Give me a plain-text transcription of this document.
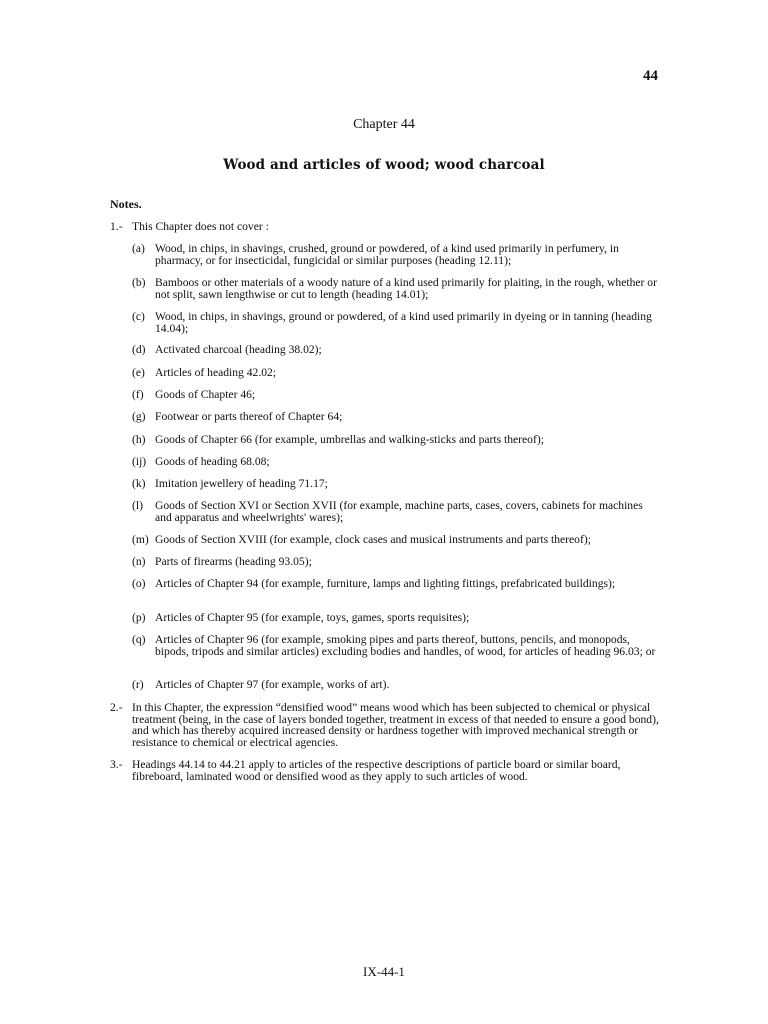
44
Chapter 44
Wood and articles of wood; wood charcoal
Notes.
1.- This Chapter does not cover :
(a) Wood, in chips, in shavings, crushed, ground or powdered, of a kind used primarily in perfumery, in pharmacy, or for insecticidal, fungicidal or similar purposes (heading 12.11);
(b) Bamboos or other materials of a woody nature of a kind used primarily for plaiting, in the rough, whether or not split, sawn lengthwise or cut to length (heading 14.01);
(c) Wood, in chips, in shavings, ground or powdered, of a kind used primarily in dyeing or in tanning (heading 14.04);
(d) Activated charcoal (heading 38.02);
(e) Articles of heading 42.02;
(f) Goods of Chapter 46;
(g) Footwear or parts thereof of Chapter 64;
(h) Goods of Chapter 66 (for example, umbrellas and walking-sticks and parts thereof);
(ij) Goods of heading 68.08;
(k) Imitation jewellery of heading 71.17;
(l) Goods of Section XVI or Section XVII (for example, machine parts, cases, covers, cabinets for machines and apparatus and wheelwrights' wares);
(m) Goods of Section XVIII (for example, clock cases and musical instruments and parts thereof);
(n) Parts of firearms (heading 93.05);
(o) Articles of Chapter 94 (for example, furniture, lamps and lighting fittings, prefabricated buildings);
(p) Articles of Chapter 95 (for example, toys, games, sports requisites);
(q) Articles of Chapter 96 (for example, smoking pipes and parts thereof, buttons, pencils, and monopods, bipods, tripods and similar articles) excluding bodies and handles, of wood, for articles of heading 96.03; or
(r) Articles of Chapter 97 (for example, works of art).
2.- In this Chapter, the expression “densified wood” means wood which has been subjected to chemical or physical treatment (being, in the case of layers bonded together, treatment in excess of that needed to ensure a good bond), and which has thereby acquired increased density or hardness together with improved mechanical strength or resistance to chemical or electrical agencies.
3.- Headings 44.14 to 44.21 apply to articles of the respective descriptions of particle board or similar board, fibreboard, laminated wood or densified wood as they apply to such articles of wood.
IX-44-1
